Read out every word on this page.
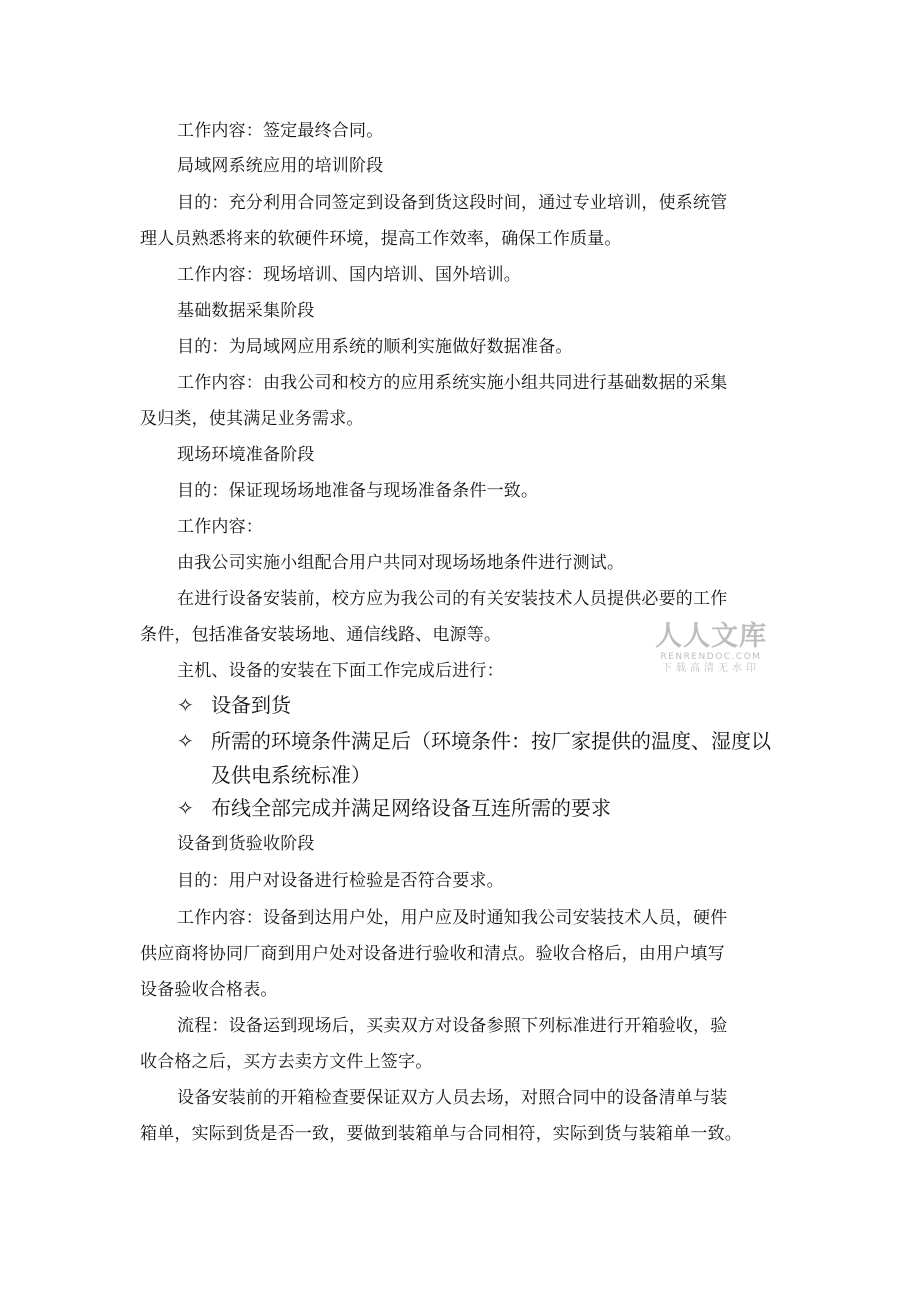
工作内容：签定最终合同。
局域网系统应用的培训阶段
目的：充分利用合同签定到设备到货这段时间，通过专业培训，使系统管
理人员熟悉将来的软硬件环境，提高工作效率，确保工作质量。
工作内容：现场培训、国内培训、国外培训。
基础数据采集阶段
目的：为局域网应用系统的顺利实施做好数据准备。
工作内容：由我公司和校方的应用系统实施小组共同进行基础数据的采集
及归类，使其满足业务需求。
现场环境准备阶段
目的：保证现场场地准备与现场准备条件一致。
工作内容：
由我公司实施小组配合用户共同对现场场地条件进行测试。
在进行设备安装前，校方应为我公司的有关安装技术人员提供必要的工作
条件，包括准备安装场地、通信线路、电源等。
主机、设备的安装在下面工作完成后进行：
✧ 设备到货
✧ 所需的环境条件满足后（环境条件：按厂家提供的温度、湿度以及供电系统标准）
✧ 布线全部完成并满足网络设备互连所需的要求
设备到货验收阶段
目的：用户对设备进行检验是否符合要求。
工作内容：设备到达用户处，用户应及时通知我公司安装技术人员，硬件
供应商将协同厂商到用户处对设备进行验收和清点。验收合格后，由用户填写
设备验收合格表。
流程：设备运到现场后，买卖双方对设备参照下列标准进行开箱验收，验
收合格之后，买方去卖方文件上签字。
设备安装前的开箱检查要保证双方人员去场，对照合同中的设备清单与装
箱单，实际到货是否一致，要做到装箱单与合同相符，实际到货与装箱单一致。
人人文库
RENRENDOC.COM
下载高清无水印
